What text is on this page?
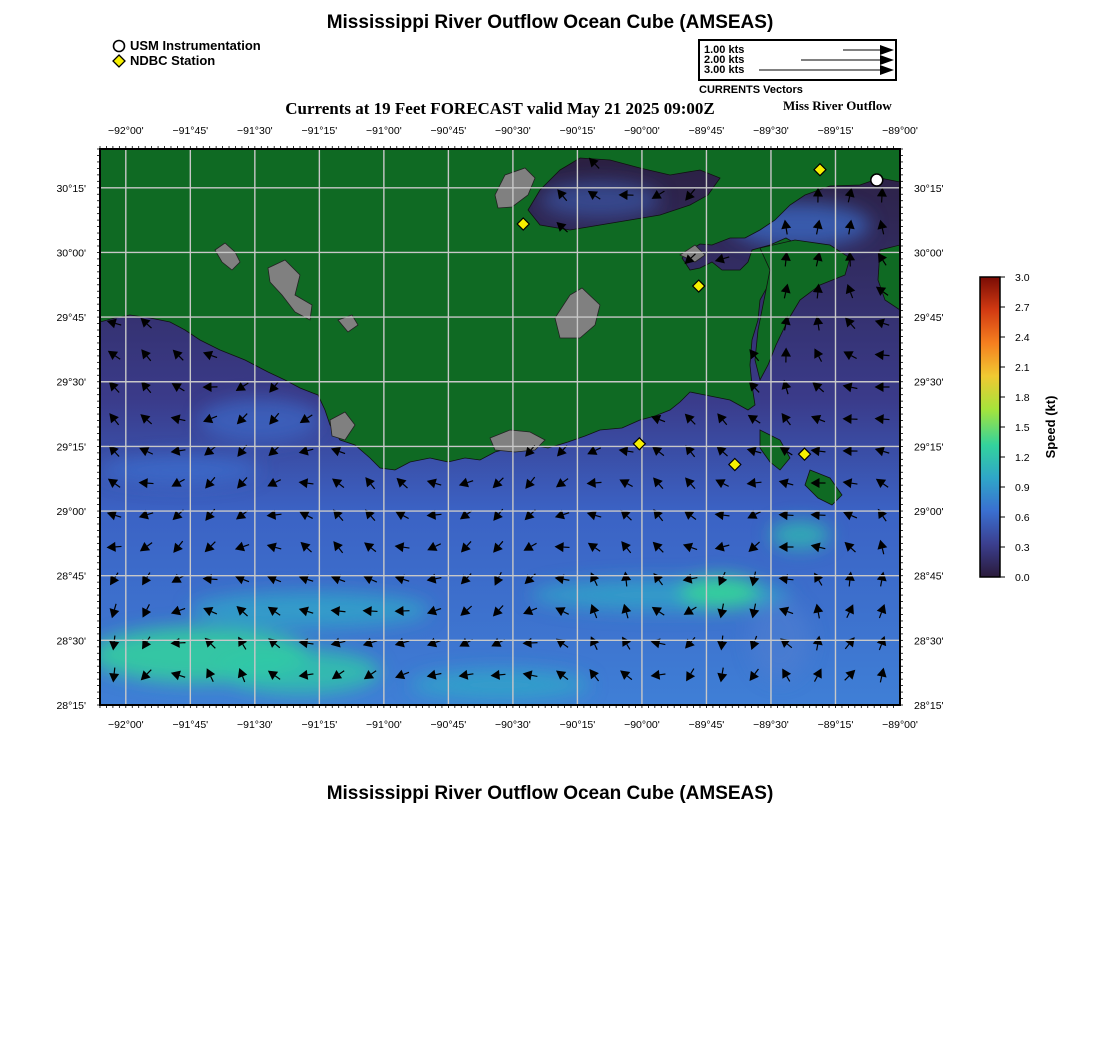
Mississippi River Outflow Ocean Cube (AMSEAS)
USM Instrumentation
NDBC Station
1.00 kts
2.00 kts
3.00 kts
CURRENTS Vectors
Currents at 19 Feet FORECAST valid May 21 2025 09:00Z	Miss River Outflow
−92°00'	−91°45'	−91°30'	−91°15'	−91°00'	−90°45'	−90°30'	−90°15'	−90°00'	−89°45'	−89°30'	−89°15'	−89°00'
−92°00'	−91°45'	−91°30'	−91°15'	−91°00'	−90°45'	−90°30'	−90°15'	−90°00'	−89°45'	−89°30'	−89°15'	−89°00'
30°15'
30°00'
29°45'
29°30'
29°15'
29°00'
28°45'
28°30'
28°15'
30°15'
30°00'
29°45'
29°30'
29°15'
29°00'
28°45'
28°30'
28°15'
3.0
2.7
2.4
2.1
1.8
1.5
1.2
0.9
0.6
0.3
0.0
Speed (kt)
Mississippi River Outflow Ocean Cube (AMSEAS)
